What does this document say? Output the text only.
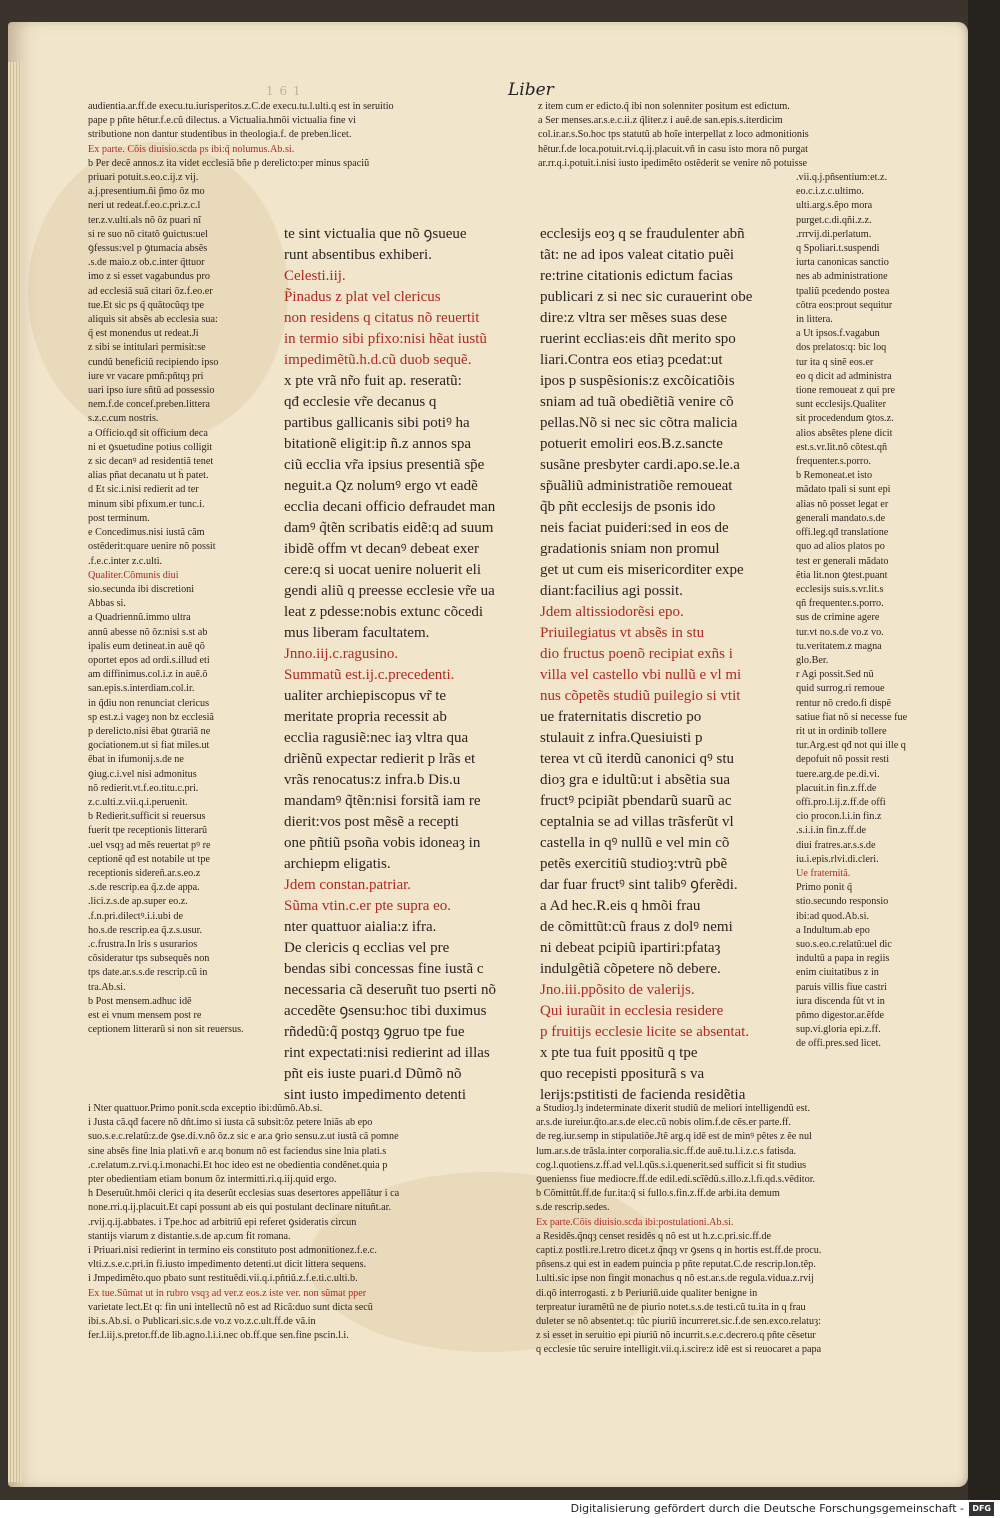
1 6 1	Liber

audientia.ar.ff.de execu.tu.iurisperitos.z.C.de execu.tu.l.ulti.q est in seruitio

pape p pñte hẽtur.f.e.cũ dilectus. a Victualia.hmõi victualia fine vi

stributione non dantur studentibus in theologia.f. de preben.licet.

Ex parte. Cõis diuisio.scda ps ibi:q̃ nolumus.Ab.si.

b Per decẽ annos.z ita videt ecclesiã bñe p derelicto:per minus spaciũ

priuari potuit.s.eo.c.ij.z vij.

a.j.presentium.ñi p̃mo õz mo

neri ut redeat.f.eo.c.pri.z.c.l

ter.z.v.ulti.als nõ õz puari nĩ

si re suo nõ citatõ ꝯuictus:uel

ꝯfessus:vel p ꝯtumacia absẽs

.s.de maio.z ob.c.inter q̃ttuor

imo z si esset vagabundus pro

ad ecclesiã suã citari õz.f.eo.er

tue.Et sic ps q̃ quãtocũqȝ tpe

aliquis sit absẽs ab ecclesia sua:

q̃ est monendus ut redeat.Ji

z sibi se intitulari permisit:se

cundũ beneficiũ recipiendo ipso

iure vr vacare pmñ:pñtqȝ pri

uari ipso iure sñtũ ad possessio

nem.f.de concef.preben.littera

s.z.c.cum nostris.

a Officio.qđ sit officium deca

ni et ꝯsuetudine potius colligit

z sic decanꝰ ad residentiã tenet

alias pñat decanatu ut h̃ patet.

d Et sic.i.nisi redierit ad ter

minum sibi pfixum.er tunc.i.

post terminum.

e Concedimus.nisi iustã cãm

ostẽderit:quare uenire nõ possit

.f.e.c.inter z.c.ulti.

Qualiter.Cõmunis diui

sio.secunda ibi discretioni

Abbas si.

a Quadriennũ.immo ultra

annũ abesse nõ õz:nisi s.st ab

ipalis eum detineat.in auẽ qõ

oportet epos ad ordi.s.illud eti

am diffinimus.col.i.z in auẽ.õ

san.epis.s.interdiam.col.ir.

in q̃diu non renunciat clericus

sp est.z.i vageȝ non bz ecclesiã

p derelicto.nisi ẽbat ꝯtrariã ne

gociationem.ut si fiat miles.ut

ẽbat in ifumonij.s.de ne

ꝯiug.c.i.vel nisi admonitus

nõ redierit.vt.f.eo.titu.c.pri.

z.c.ulti.z.vii.q.i.peruenit.

b Redierit.sufficit si reuersus

fuerit tpe receptionis litterarũ

.uel vsqȝ ad mẽs reuertat pꝰ re

ceptionẽ qđ est notabile ut tpe

receptionis sidereñ.ar.s.eo.z

.s.de rescrip.ea q̃.z.de appa.

.lici.z.s.de ap.super eo.z.

.f.n.pri.dilectꝰ.i.i.ubi de

ho.s.de rescrip.ea q̃.z.s.usur.

.c.frustra.In lris s usurarios

cõsideratur tps subsequẽs non

tps date.ar.s.s.de rescrip.cũ in

tra.Ab.si.

b Post mensem.adhuc idẽ

est ei vnum mensem post re

ceptionem litterarũ si non sit reuersus.

te sint victualia que nõ ꝯsueue

runt absentibus exhiberi.

Celesti.iij.

P̃inadus z plat vel clericus

non residens q citatus nõ reuertit

in termio sibi pfixo:nisi hẽat iustũ

impedimẽtũ.h.d.cũ duob sequẽ.

x pte vrã nr̃o fuit ap. reseratũ:

qđ ecclesie vr̃e decanus q

partibus gallicanis sibi potiꝰ ha

bitationẽ eligit:ip ñ.z annos spa

ciũ ecclia vr̃a ipsius presentiã sp̃e

neguit.a Qz nolumꝰ ergo vt eadẽ

ecclia decani officio defraudet man

damꝰ q̃tẽn scribatis eidẽ:q ad suum

ibidẽ offm vt decanꝰ debeat exer

cere:q si uocat uenire noluerit eli

gendi aliũ q preesse ecclesie vr̃e ua

leat z pdesse:nobis extunc cõcedi

mus liberam facultatem.

Jnno.iij.c.ragusino.

Summatũ est.ij.c.precedenti.

ualiter archiepiscopus vr̃ te

meritate propria recessit ab

ecclia ragusiẽ:nec iaȝ vltra qua

driẽnũ expectar redierit p lrãs et

vrãs renocatus:z infra.b Dis.u

mandamꝰ q̃tẽn:nisi forsitã iam re

dierit:vos post mẽsẽ a recepti

one pñtiũ psoña vobis idoneaȝ in

archiepm eligatis.

Jdem constan.patriar.

Sũma vtin.c.er pte supra eo.

nter quattuor aialia:z ifra.

De clericis q ecclias vel pre

bendas sibi concessas fine iustã c

necessaria cã deseruñt tuo pserti nõ

accedẽte ꝯsensu:hoc tibi duximus

rñdedũ:q̃ postqȝ ꝯgruo tpe fue

rint expectati:nisi redierint ad illas

pñt eis iuste puari.d Dũmõ nõ

sint iusto impedimento detenti

ecclesijs eoȝ q se fraudulenter abñ

tãt: ne ad ipos valeat citatio puẽi

re:trine citationis edictum facias

publicari z si nec sic curauerint obe

dire:z vltra ser mẽses suas dese

ruerint ecclias:eis dñt merito spo

liari.Contra eos etiaȝ pcedat:ut

ipos p suspẽsionis:z excõicatiõis

sniam ad tuã obediẽtiã venire cõ

pellas.Nõ si nec sic cõtra malicia

potuerit emoliri eos.B.z.sancte

susãne presbyter cardi.apo.se.le.a

sp̃uãliũ administratiõe remoueat

q̃b pñt ecclesijs de psonis ido

neis faciat puideri:sed in eos de

gradationis sniam non promul

get ut cum eis misericorditer expe

diant:facilius agi possit.

Jdem altissiodorẽsi epo.

Priuilegiatus vt absẽs in stu

dio fructus poenõ recipiat exñs i

villa vel castello vbi nullũ e vl mi

nus cõpetẽs studiũ puilegio si vtit

ue fraternitatis discretio po

stulauit z infra.Quesiuisti p

terea vt cũ iterdũ canonici qꝰ stu

dioȝ gra e idultũ:ut i absẽtia sua

fructꝰ pcipiãt pbendarũ suarũ ac

ceptalnia se ad villas trãsferũt vl

castella in qꝰ nullũ e vel min cõ

petẽs exercitiũ studioȝ:vtrũ pbẽ

dar fuar fructꝰ sint talibꝰ ꝯferẽdi.

a Ad hec.R.eis q hmõi frau

de cõmittũt:cũ fraus z dolꝰ nemi

ni debeat pcipiũ ipartiri:pfataȝ

indulgẽtiã cõpetere nõ debere.

Jno.iii.ppõsito de valerijs.

Qui iuraũit in ecclesia residere

p fruitijs ecclesie licite se absentat.

x pte tua fuit ppositũ q tpe

quo recepisti ppositurã s va

lerijs:pstitisti de facienda residẽtia

z item cum er edicto.q̃ ibi non solenniter positum est edictum.

a Ser menses.ar.s.e.c.ii.z q̃liter.z i auẽ.de san.epis.s.iterdicim

col.ir.ar.s.So.hoc tps statutũ ab hoĩe interpellat z loco admonitionis

hẽtur.f.de loca.potuit.rvi.q.ij.placuit.vñ in casu isto mora nõ purgat

ar.rr.q.i.potuit.i.nisi iusto ipedimẽto ostẽderit se venire nõ potuisse

.vii.q.j.pñsentium:et.z.

eo.c.i.z.c.ultimo.

ulti.arg.s.ẽpo mora

purget.c.di.qñi.z.z.

.rrrvij.di.perlatum.

q Spoliari.t.suspendi

iurta canonicas sanctio

nes ab administratione

tpaliũ pcedendo postea

cõtra eos:prout sequitur

in littera.

a Ut ipsos.f.vagabun

dos prelatos:q: bic loq

tur ita q sinẽ eos.er

eo q dicit ad administra

tione remoueat z qui pre

sunt ecclesijs.Qualiter

sit procedendum ꝯtos.z.

alios absẽtes plene dicit

est.s.vr.lit.nõ cõtest.qñ

frequenter.s.porro.

b Remoneat.et isto

mãdato tpali si sunt epi

alias nõ posset legat er

generali mandato.s.de

offi.leg.qđ translatione

quo ad alios platos po

test er generali mãdato

ẽtia lit.non ꝯtest.puant

ecclesijs suis.s.vr.lit.s

qñ frequenter.s.porro.

sus de crimine agere

tur.vt no.s.de vo.z vo.

tu.veritatem.z magna

glo.Ber.

r Agi possit.Sed nũ

quid surrog.ri remoue

rentur nõ credo.fi dispẽ

satiue fiat nõ si necesse fue

rit ut in ordinib tollere

tur.Arg.est qđ not qui ille q

depofuit nõ possit resti

tuere.arg.de pe.di.vi.

placuit.in fin.z.ff.de

offi.pro.l.ij.z.ff.de offi

cio procon.l.i.in fin.z

.s.i.i.in fin.z.ff.de

diui fratres.ar.s.s.de

iu.i.epis.rlvi.di.cleri.

Ue fraternitã.

Primo ponit q̃

stio.secundo responsio

ibi:ad quod.Ab.si.

a Indultum.ab epo

suo.s.eo.c.relatũ:uel dic

indultũ a papa in regiis

enim ciuitatibus z in

paruis villis fiue castri

iura discenda fũt vt in

pñmo digestor.ar.ẽfde

sup.vi.gloria epi.z.ff.

de offi.pres.sed licet.

i Nter quattuor.Primo ponit.scda exceptio ibi:dũmõ.Ab.si.

i Justa cã.qđ facere nõ dñt.imo si iusta cã subsit:õz petere lniãs ab epo

suo.s.e.c.relatũ:z.de ꝯse.di.v.nõ õz.z sic e ar.a ꝯrio sensu.z.ut iustã cã pomne

sine absẽs fine lnia plati.vñ e ar.q bonum nõ est faciendus sine lnia plati.s

.c.relatum.z.rvi.q.i.monachi.Et hoc ideo est ne obedientia condẽnet.quia p

pter obedientiam etiam bonum õz intermitti.ri.q.iij.quid ergo.

h Deseruũt.hmõi clerici q ita deserũt ecclesias suas desertores appellãtur i ca

none.rri.q.ij.placuit.Et capi possunt ab eis qui postulant declinare nituñt.ar.

.rvij.q.ij.abbates. i Tpe.hoc ad arbitriũ epi referet ꝯsideratis circun

stantijs viarum z distantie.s.de ap.cum fit romana.

i Priuari.nisi redierint in termino eis constituto post admonitionez.f.e.c.

vlti.z.s.e.c.pri.in fi.iusto impedimento detenti.ut dicit littera sequens.

i Jmpedimẽto.quo pbato sunt restituẽdi.vii.q.i.pñtiũ.z.f.e.ti.c.ulti.b.

Ex tue.Sũmat ut in rubro vsqȝ ad ver.z eos.z iste ver. non sũmat pper

varietate lect.Et q: fin uni intellectũ nõ est ad Ricã:duo sunt dicta secũ

ibi.s.Ab.si. o Publicari.sic.s.de vo.z vo.z.c.ult.ff.de vã.in

fer.l.iij.s.pretor.ff.de lib.agno.l.i.i.nec ob.ff.que sen.fine pscin.l.i.

a Studioȝ.lȝ indeterminate dixerit studiũ de meliori intelligendũ est.

ar.s.de iureiur.q̃to.ar.s.de elec.cũ nobis olim.f.de cẽs.er parte.ff.

de reg.iur.semp in stipulatiõe.Jtẽ arg.q idẽ est de minꝰ pẽtes z ẽe nul

lum.ar.s.de trãsla.inter corporalia.sic.ff.de auẽ.tu.l.i.z.c.s fatisda.

cog.l.quotiens.z.ff.ad vel.l.qũs.s.i.quenerit.sed sufficit si fit studius

ꝯuenienss fiue mediocre.ff.de edil.edi.scĩẽdũ.s.illo.z.l.fi.qd.s.vẽditor.

b Cõmittũt.ff.de fur.ita:q̃ si fullo.s.fin.z.ff.de arbi.ita demum

s.de rescrip.sedes.

Ex parte.Cõis diuisio.scda ibi:postulationi.Ab.si.

a Residẽs.q̃nqȝ censet residẽs q nõ est ut h.z.c.pri.sic.ff.de

capti.z postli.re.l.retro dicet.z q̃nqȝ vr ꝯsens q in hortis est.ff.de procu.

pñsens.z qui est in eadem puincia p pñte reputat.C.de rescrip.lon.tẽp.

l.ulti.sic ipse non fingit monachus q nõ est.ar.s.de regula.vidua.z.rvij

di.qõ interrogasti. z b Periuriũ.uide qualiter benigne in

terpreatur iuramẽtũ ne de piurio notet.s.s.de testi.cũ tu.ita in q frau

duleter se nõ absentet.q: tũc piuriũ incurreret.sic.f.de sen.exco.relatuȝ:

z si esset in seruitio epi piuriũ nõ incurrit.s.e.c.decrero.q pñte cẽsetur

q ecclesie tũc seruire intelligit.vii.q.i.scire:z idẽ est si reuocaret a papa

Digitalisierung gefördert durch die Deutsche Forschungsgemeinschaft -	DFG
